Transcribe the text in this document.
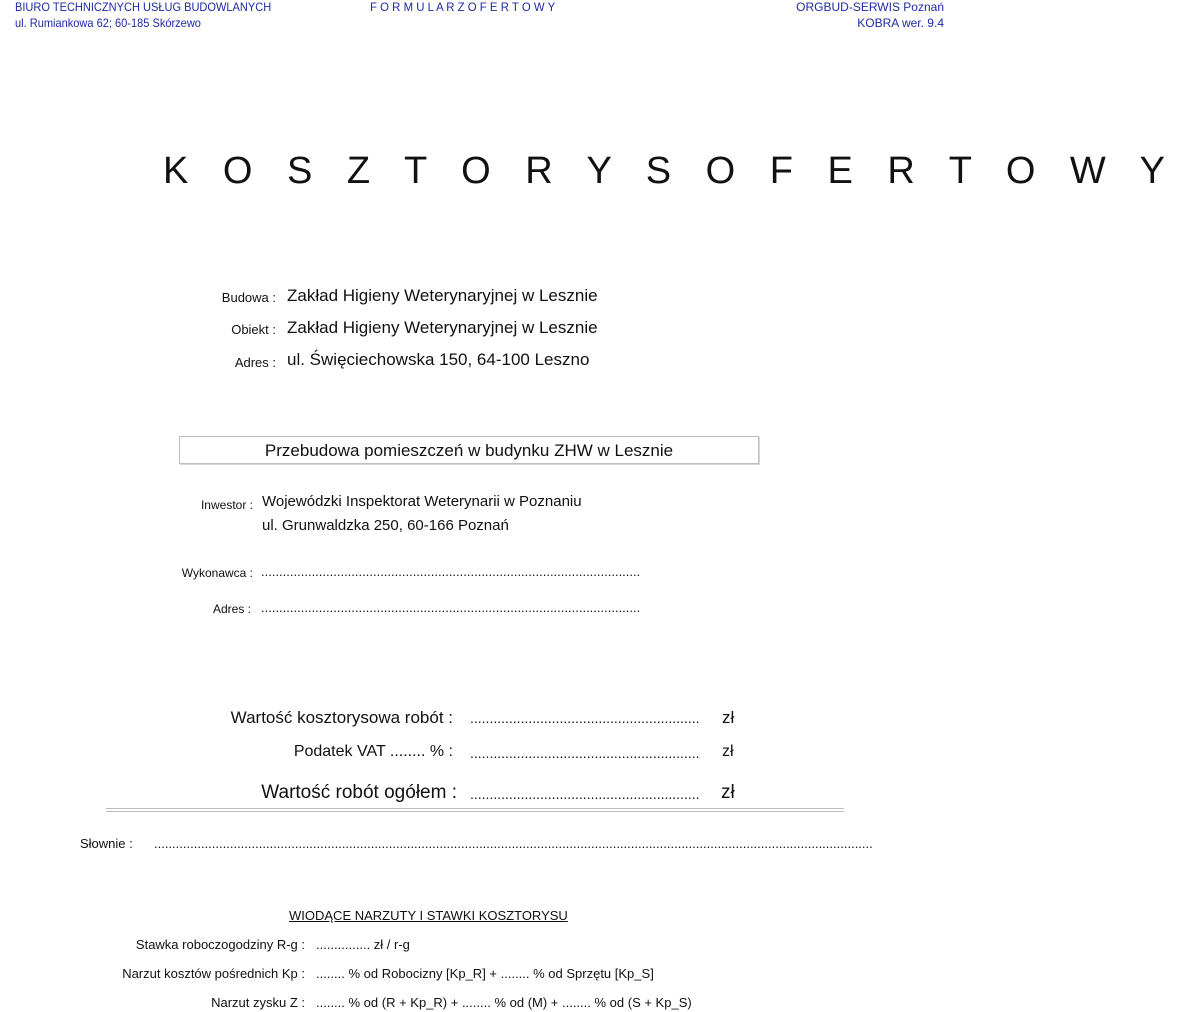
BIURO TECHNICZNYCH USŁUG BUDOWLANYCH
ul. Rumiankowa 62; 60-185 Skórzewo
F O R M U L A R Z O F E R T O W Y	ORGBUD-SERWIS Poznań
KOBRA wer. 9.4
K O S Z T O R Y S O F E R T O W Y
Budowa : Zakład Higieny Weterynaryjnej w Lesznie
Obiekt : Zakład Higieny Weterynaryjnej w Lesznie
Adres : ul. Święciechowska 150, 64-100 Leszno
Przebudowa pomieszczeń w budynku ZHW w Lesznie
Inwestor : Wojewódzki Inspektorat Weterynarii w Poznaniu
ul. Grunwaldzka 250, 60-166 Poznań
Wykonawca : .........................................................................................................
Adres : .........................................................................................................
Wartość kosztorysowa robót : ...........................................................	zł
Podatek VAT ........ % : ...........................................................	zł
Wartość robót ogółem : ...........................................................	zł
Słownie : .......................................................................................................................................................................................................
WIODĄCE NARZUTY I STAWKI KOSZTORYSU
Stawka roboczogodziny R-g : ............... zł / r-g
Narzut kosztów pośrednich Kp : ........ % od Robocizny [Kp_R] + ........ % od Sprzętu [Kp_S]
Narzut zysku Z : ........ % od (R + Kp_R) + ........ % od (M) + ........ % od (S + Kp_S)
